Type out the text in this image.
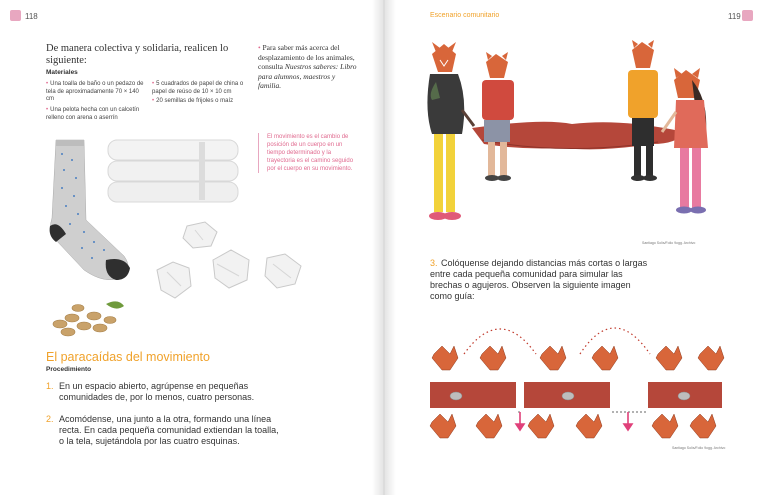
118
De manera colectiva y solidaria, realicen lo siguiente:
Materiales
• Una toalla de baño o un pedazo de tela de aproximadamente 70 × 140 cm
• Una pelota hecha con un calcetín relleno con arena o aserrín
• 5 cuadrados de papel de china o papel de reúso de 10 × 10 cm
• 20 semillas de frijoles o maíz
• Para saber más acerca del desplazamiento de los animales, consulta Nuestros saberes: Libro para alumnos, maestros y familia.
El movimiento es el cambio de posición de un cuerpo en un tiempo determinado y la trayectoria es el camino seguido por el cuerpo en su movimiento.
El paracaídas del movimiento
Procedimiento
1. En un espacio abierto, agrúpense en pequeñas comunidades de, por lo menos, cuatro personas.
2. Acomódense, una junto a la otra, formando una línea recta. En cada pequeña comunidad extiendan la toalla, o la tela, sujetándola por las cuatro esquinas.
Escenario comunitario	119
Santiago Solís/Folio 9ogg. Archivo
3. Colóquense dejando distancias más cortas o largas entre cada pequeña comunidad para simular las brechas o agujeros. Observen la siguiente imagen como guía:
Santiago Solís/Folio 9ogg. Archivo
